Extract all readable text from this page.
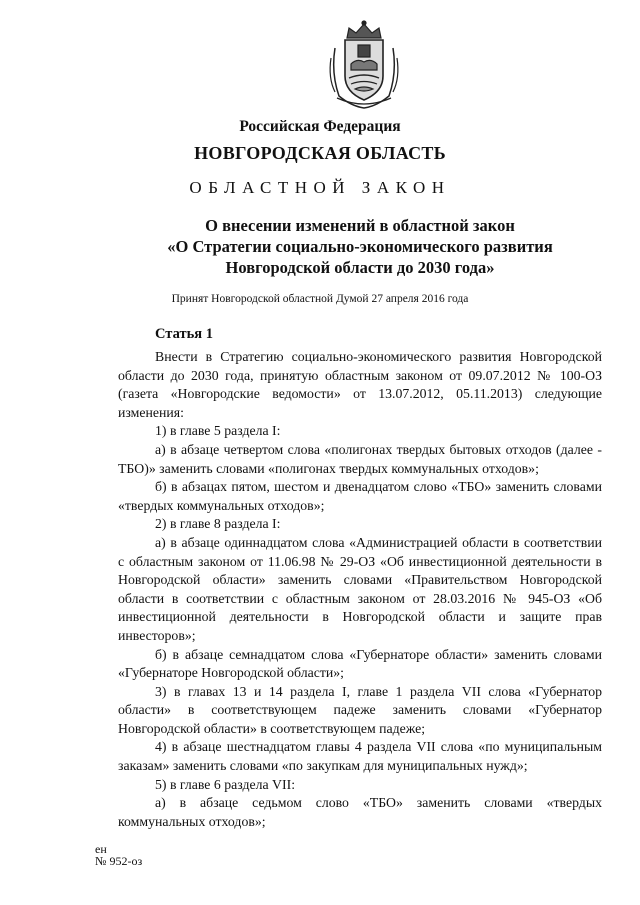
Российская Федерация
НОВГОРОДСКАЯ ОБЛАСТЬ
ОБЛАСТНОЙ ЗАКОН
О внесении изменений в областной закон
«О Стратегии социально-экономического развития
Новгородской области до 2030 года»
Принят Новгородской областной Думой 27 апреля 2016 года
Статья 1

Внести в Стратегию социально-экономического развития Новгородской области до 2030 года, принятую областным законом от 09.07.2012 № 100-ОЗ (газета «Новгородские ведомости» от 13.07.2012, 05.11.2013) следующие изменения:

1) в главе 5 раздела I:

а) в абзаце четвертом слова «полигонах твердых бытовых отходов (далее - ТБО)» заменить словами «полигонах твердых коммунальных отходов»;

б) в абзацах пятом, шестом и двенадцатом слово «ТБО» заменить словами «твердых коммунальных отходов»;

2) в главе 8 раздела I:

а) в абзаце одиннадцатом слова «Администрацией области в соответствии с областным законом от 11.06.98 № 29-ОЗ «Об инвестиционной деятельности в Новгородской области» заменить словами «Правительством Новгородской области в соответствии с областным законом от 28.03.2016 № 945-ОЗ «Об инвестиционной деятельности в Новгородской области и защите прав инвесторов»;

б) в абзаце семнадцатом слова «Губернаторе области» заменить словами «Губернаторе Новгородской области»;

3) в главах 13 и 14 раздела I, главе 1 раздела VII слова «Губернатор области» в соответствующем падеже заменить словами «Губернатор Новгородской области» в соответствующем падеже;

4) в абзаце шестнадцатом главы 4 раздела VII слова «по муниципальным заказам» заменить словами «по закупкам для муниципальных нужд»;

5) в главе 6 раздела VII:

а) в абзаце седьмом слово «ТБО» заменить словами «твердых коммунальных отходов»;

ен
№ 952-оз
